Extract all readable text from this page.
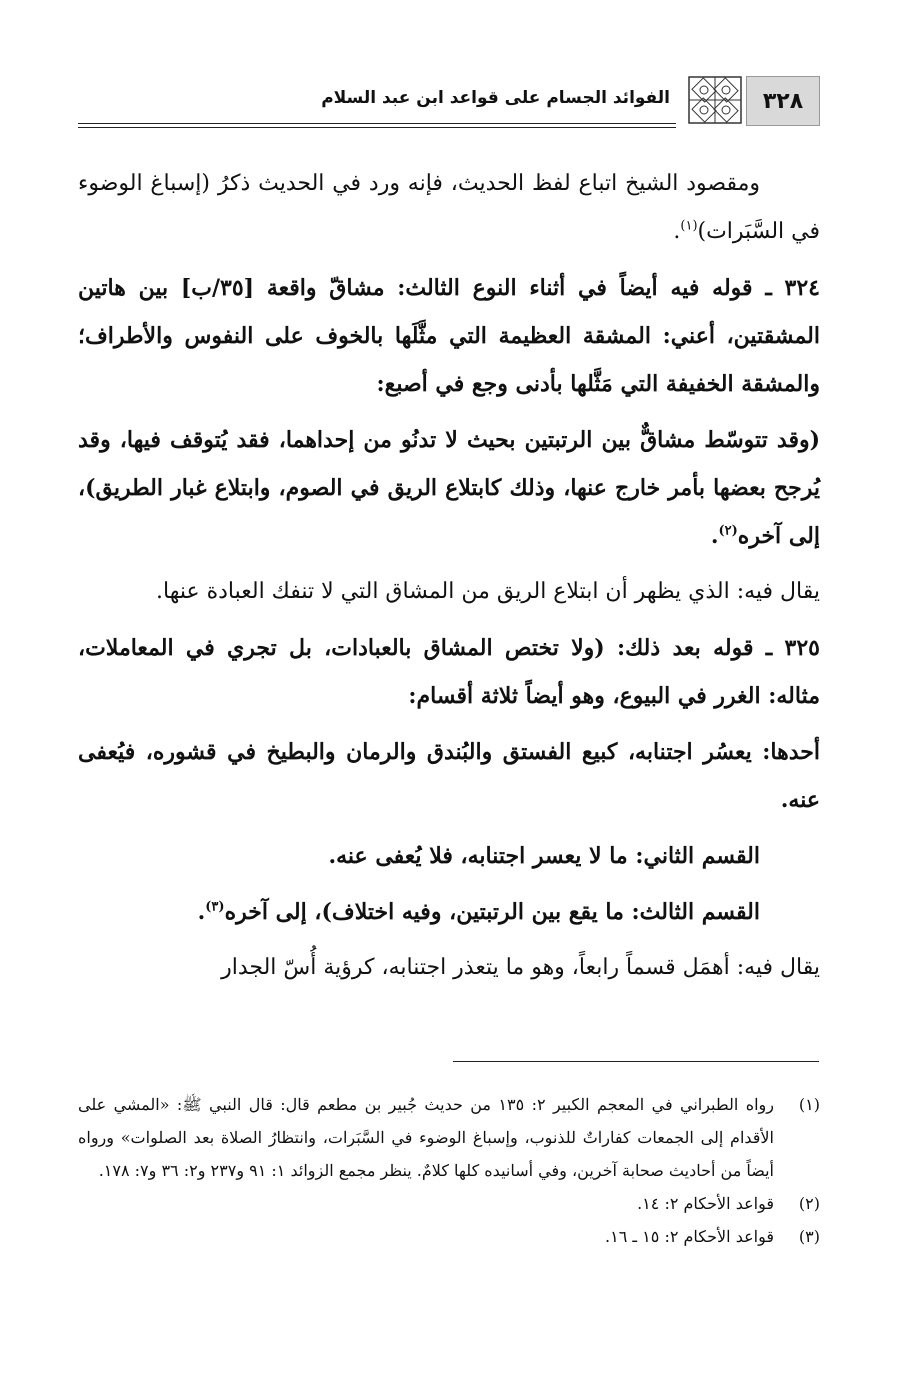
٣٢٨
الفوائد الجسام على قواعد ابن عبد السلام

ومقصود الشيخ اتباع لفظ الحديث، فإنه ورد في الحديث ذكرُ (إسباغ الوضوء في السَّبَرات)$^{(١)}$.

٣٢٤ ـ قوله فيه أيضاً في أثناء النوع الثالث: مشاقّ واقعة [٣٥/ب] بين هاتين المشقتين، أعني: المشقة العظيمة التي مثَّلَها بالخوف على النفوس والأطراف؛ والمشقة الخفيفة التي مَثَّلها بأدنى وجع في أصبع:

(وقد تتوسّط مشاقٌّ بين الرتبتين بحيث لا تدنُو من إحداهما، فقد يُتوقف فيها، وقد يُرجح بعضها بأمر خارج عنها، وذلك كابتلاع الريق في الصوم، وابتلاع غبار الطريق)، إلى آخره$^{(٢)}$.

يقال فيه: الذي يظهر أن ابتلاع الريق من المشاق التي لا تنفك العبادة عنها.

٣٢٥ ـ قوله بعد ذلك: (ولا تختص المشاق بالعبادات، بل تجري في المعاملات، مثاله: الغرر في البيوع، وهو أيضاً ثلاثة أقسام:

أحدها: يعسُر اجتنابه، كبيع الفستق والبُندق والرمان والبطيخ في قشوره، فيُعفى عنه.

القسم الثاني: ما لا يعسر اجتنابه، فلا يُعفى عنه.

القسم الثالث: ما يقع بين الرتبتين، وفيه اختلاف)، إلى آخره$^{(٣)}$.

يقال فيه: أهمَل قسماً رابعاً، وهو ما يتعذر اجتنابه، كرؤية أُسّ الجدار

(١)
رواه الطبراني في المعجم الكبير ٢: ١٣٥ من حديث جُبير بن مطعم قال: قال النبي ﷺ: «المشي على الأقدام إلى الجمعات كفاراتٌ للذنوب، وإسباغ الوضوء في السَّبَرات، وانتظارُ الصلاة بعد الصلوات» ورواه أيضاً من أحاديث صحابة آخرين، وفي أسانيده كلها كلامٌ. ينظر مجمع الزوائد ١: ٩١ و٢٣٧ و٢: ٣٦ و٧: ١٧٨.
(٢)
قواعد الأحكام ٢: ١٤.
(٣)
قواعد الأحكام ٢: ١٥ ـ ١٦.
